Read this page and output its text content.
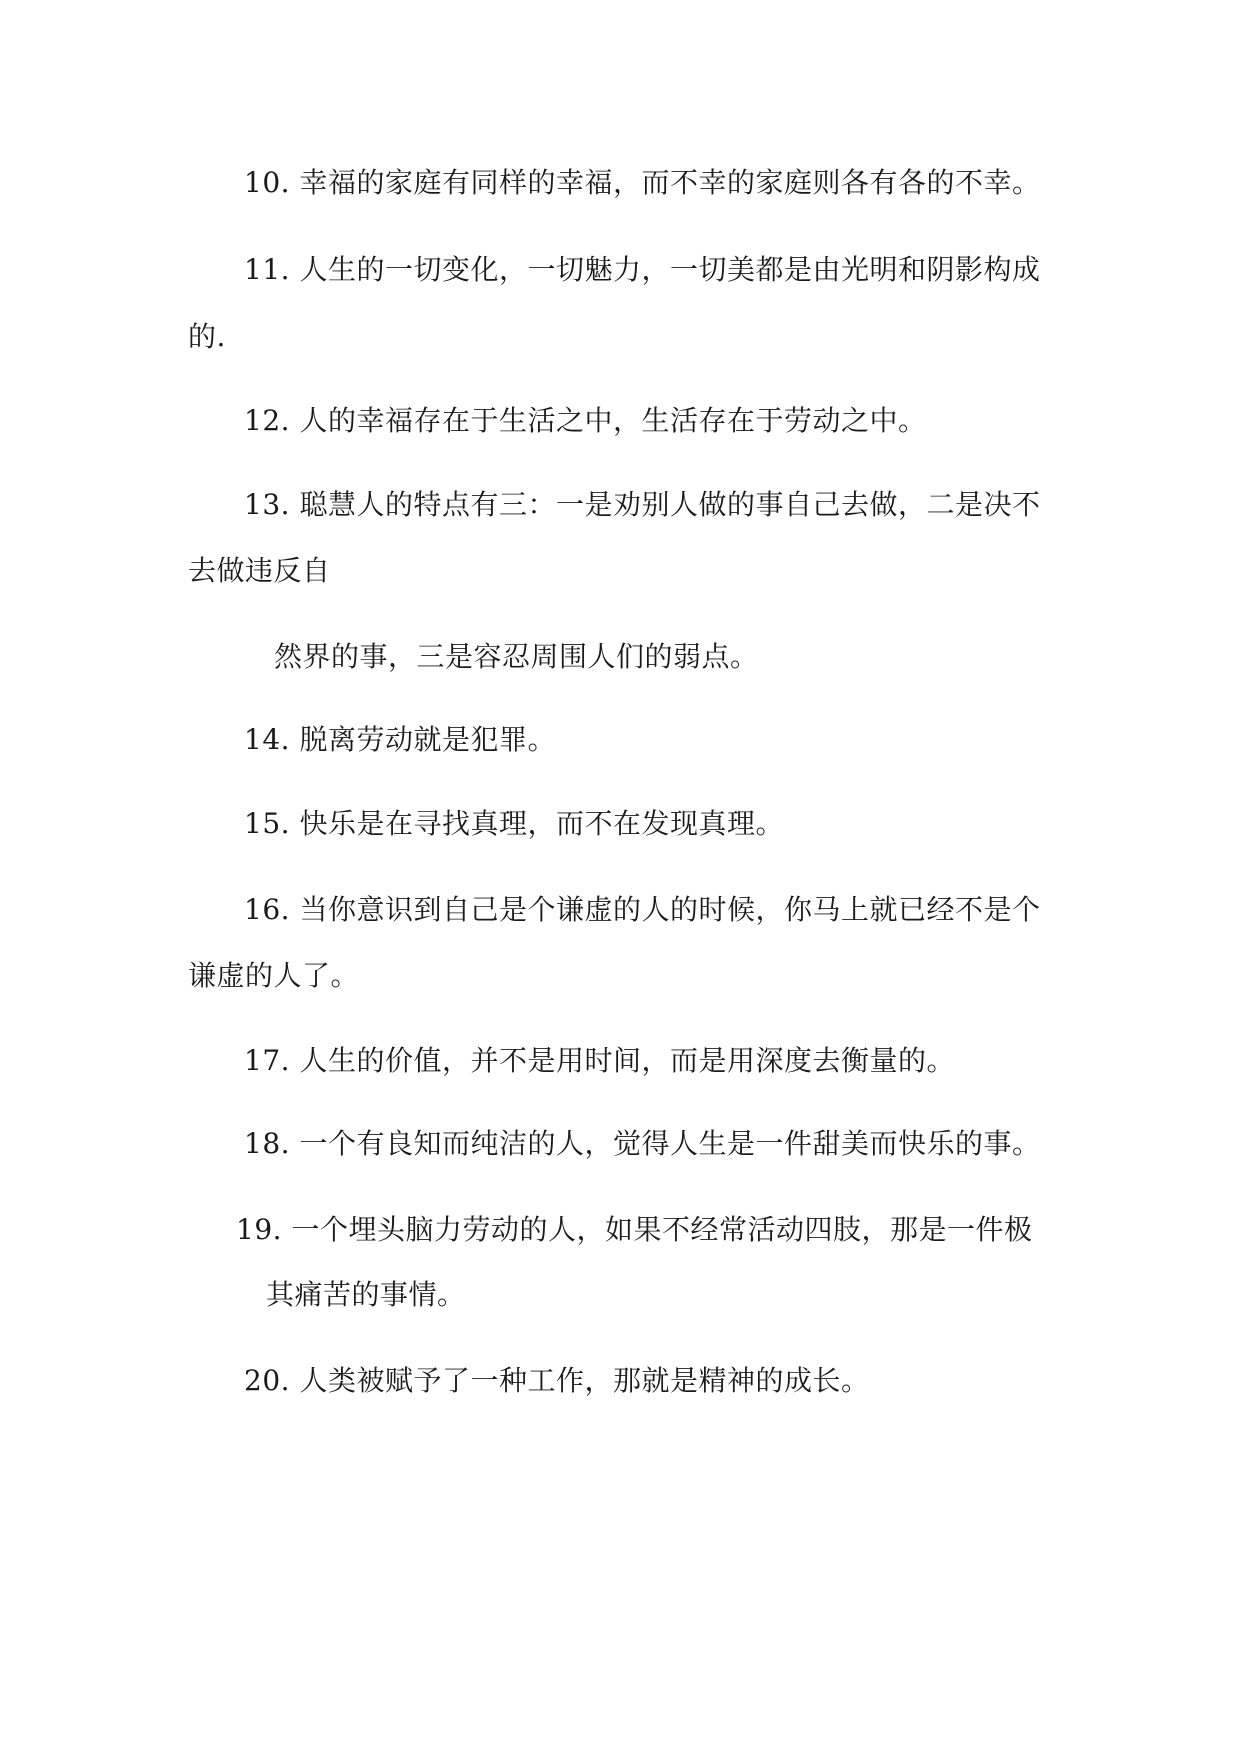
10. 幸福的家庭有同样的幸福，而不幸的家庭则各有各的不幸。
11. 人生的一切变化，一切魅力，一切美都是由光明和阴影构成
的.
12. 人的幸福存在于生活之中，生活存在于劳动之中。
13. 聪慧人的特点有三：一是劝别人做的事自己去做，二是决不
去做违反自
然界的事，三是容忍周围人们的弱点。
14. 脱离劳动就是犯罪。
15. 快乐是在寻找真理，而不在发现真理。
16. 当你意识到自己是个谦虚的人的时候，你马上就已经不是个
谦虚的人了。
17. 人生的价值，并不是用时间，而是用深度去衡量的。
18. 一个有良知而纯洁的人，觉得人生是一件甜美而快乐的事。
19. 一个埋头脑力劳动的人，如果不经常活动四肢，那是一件极
其痛苦的事情。
20. 人类被赋予了一种工作，那就是精神的成长。
